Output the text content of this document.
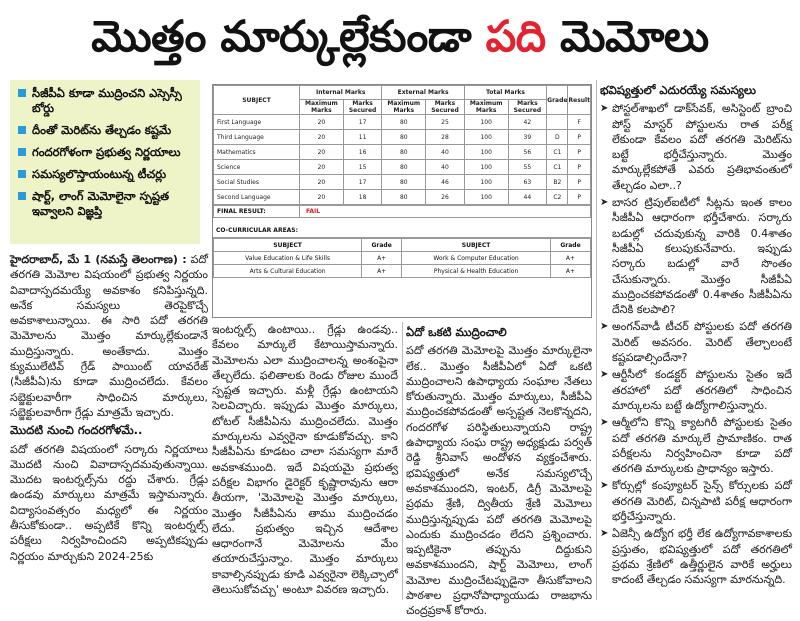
మొత్తం మార్కుల్లేకుండా పది మెమోలు
సీజీపీఏ కూడా ముద్రించని ఎస్సెస్సీ బోర్డు
దీంతో మెరిట్‌ను తేల్చడం కష్టమే
గందరగోళంగా ప్రభుత్వ నిర్ణయాలు
సమస్యలొస్తాయంటున్న టీచర్లు
షార్ట్, లాంగ్ మెమోలైనా స్పష్టత ఇవ్వాలని విజ్ఞప్తి
SUBJECT	Internal Marks		External Marks		Total Marks		Grade	Result
	Maximum Marks	Marks Secured	Maximum Marks	Marks Secured	Maximum Marks	Marks Secured		
First Language	20	17	80	25	100	42		F
Third Language	20	11	80	28	100	39	D	P
Mathematics	20	16	80	40	100	56	C1	P
Science	20	15	80	40	100	55	C1	P
Social Studies	20	17	80	46	100	63	B2	P
Second Language	20	18	80	26	100	44	C2	P
FINAL RESULT:	FAIL
CO-CURRICULAR AREAS:
SUBJECT	Grade	SUBJECT	Grade
Value Education & Life Skills	A+	Work & Computer Education	A+
Arts & Cultural Education	A+	Physical & Health Education	A+

హైదరాబాద్, మే 1 (నమస్తే తెలంగాణ) : పదో తరగతి మెమోల విషయంలో ప్రభుత్వ నిర్ణయం వివాదాస్పదమయ్యే అవకాశం కనిపిస్తున్నది. అనేక సమస్యలు తెరపైకొచ్చే అవకాశాలున్నాయి. ఈ సారి పదో తరగతి మెమోలను మొత్తం మార్కుల్లేకుండానే ముద్రిస్తున్నారు. అంతేకాదు. మొత్తం క్యుములేటివ్ గ్రేడ్ పాయింట్ యావరేజ్ (సీజీపీఏ)ను కూడా ముద్రించలేదు. కేవలం సబ్జెక్టులవారీగా సాధించిన మార్కులు, సబ్జెక్టులవారీగా గ్రేడ్లు మాత్రమే ఇచ్చారు.

మొదటి నుంచి గందరగోళమే..

పదో తరగతి విషయంలో సర్కారు నిర్ణయాలు మొదటి నుంచి వివాదాస్పదమవుతున్నాయి. మొదట ఇంటర్నల్స్‌ను రద్దు చేశారు. గ్రేడ్లు ఉండవు మార్కులు మాత్రమే ఇస్తామన్నారు. విద్యాసంవత్సరం మధ్యలో ఈ నిర్ణయం తీసుకోకుండా.. అప్పటికే కొన్ని ఇంటర్నల్స్ పరీక్షలు నిర్వహించిందని అప్పటికప్పుడు నిర్ణయం మార్చుకుని 2024-25కు

ఇంటర్నల్స్ ఉంటాయి.. గ్రేడ్లు ఉండవు.. కేవలం మార్కులే కేటాయిస్తామన్నారు. మెమోలను ఎలా ముద్రించాలన్న అంశంపైనా తేల్చలేదు. ఫలితాలకు రెండు రోజుల ముందే స్పష్టత ఇచ్చారు. మళ్లీ గ్రేడ్లు ఉంటాయని సెలవిచ్చారు. ఇప్పుడు మొత్తం మార్కులు, టోటల్ సీజీపీఏను ముద్రించలేదు. మొత్తం మార్కులను ఎవ్వరైనా కూడుకోవచ్చు. కాని సీజీపీఏను కూడటం చాలా సమస్యగా మారే అవకాశముంది. ఇదే విషయమై ప్రభుత్వ పరీక్షల విభాగం డైరెక్టర్ కృష్ణారావును ఆరా తీయగా, 'మెమోలపై మొత్తం మార్కులు, మొత్తం సీజీపీఏను తాము ముద్రించడం లేదు. ప్రభుత్వం ఇచ్చిన ఆదేశాల ఆధారంగానే మెమోలను మేం తయారుచేస్తున్నాం. మొత్తం మార్కులు కావాల్సినప్పుడు కూడి ఎవ్వరైనా లెక్కిచ్చాలో తెలుసుకోవచ్చు' అంటూ వివరణ ఇచ్చారు.

ఏదో ఒకటి ముద్రించాలి

పదో తరగతి మెమోలపై మొత్తం మార్కులైనా లేక.. మొత్తం సీజీపీఏలో ఏదో ఒకటి ముద్రించాలని ఉపాధ్యాయ సంఘాల నేతలు కోరుతున్నారు. మొత్తం మార్కులు, సీజీపీఏ ముద్రించకపోవడంతో అస్పష్టత నెలకొన్నదని, గందరగోళ పరిస్థితులున్నాయని రాష్ట్ర ఉపాధ్యాయ సంఘ రాష్ట్ర అధ్యక్షుడు పర్వత్ రెడ్డి శ్రీనివాస్ అందోళన వ్యక్తంచేశారు. భవిష్యత్తులో అనేక సమస్యలొచ్చే అవకాశముందని, ఇంటర్, డిగ్రీ మెమోలపై ప్రథమ శ్రేణి, ద్వితీయ శ్రేణి మెమోలు ముద్రిస్తున్నప్పుడు పదో తరగతి మెమోలపై ఎందుకు ముద్రించడం లేదని ప్రశ్నించారు. ఇప్పటికైనా తప్పును దిద్దుకుని అవకాశముందని, షార్ట్ మెమోలు, లాంగ్ మెమోల ముద్రించేటప్పుడైనా తీసుకోవాలని పాఠశాల ప్రధానోపాధ్యాయుడు రాజభాను చంద్రప్రకాశ్ కోరారు.

భవిష్యత్తులో ఎదురయ్యే సమస్యలు

➤ పోస్టల్‌శాఖలో డాక్‌సేవక్, అసిస్టెంట్ బ్రాంచి పోస్ట్ మాస్టర్ పోస్టులను రాత పరీక్ష లేకుండా కేవలం పదో తరగతి మెరిట్‌ను బట్టే భర్తీచేస్తున్నారు. మొత్తం మార్కుల్లేకపోతే ఎవరు ప్రతిభావంతులో తేల్చడం ఎలా..?

➤ బాసర ట్రిపుల్‌ఐటీలో సీట్లను ఇంత కాలం సీజీపీఏ ఆధారంగా భర్తీచేశారు. సర్కారు బడుల్లో చదువుకున్న వారికి 0.4శాతం సీజీపీఏ కలుపుకునేవారు. ఇప్పుడు సర్కారు బడుల్లో వారే సొంతం చేసుకున్నారు. మొత్తం సీజీపీఏ ముద్రించకపోవడంతో 0.4శాతం సీజీపీఏను దేనికి కలపాలి?

➤ అంగన్‌వాడీ టీచర్ పోస్టులకు పదో తరగతి మెరిట్ అవసరం. మెరిట్ తేల్చాలంటే కష్టపడాల్సిందేనా?

➤ ఆర్టీసీలో కండక్టర్ పోస్టులను సైతం ఇదే తరహాలో పదో తరగతిలో సాధించిన మార్కులను బట్టే ఉద్యోగాలిస్తున్నారు.

➤ ఆర్మీలోని కొన్ని క్యాటగిరీ పోస్టులకు సైతం పదో తరగతి మార్కులే ప్రామాణికం. రాత పరీక్షలను నిర్వహించినా కూడా పదో తరగతి మార్కులకు ప్రాధాన్యం ఇస్తారు.

➤ కోర్సుల్లో కంప్యూటర్ సైన్స్ కోర్సులకు పదో తరగతి మెరిట్, చిన్నపాటి పరీక్ష ఆధారంగా భర్తీచేస్తున్నారు.

➤ ఏజెన్సీ ఉద్యోగ భర్తీ లేక ఉద్యోగావకాశాలకు ప్రస్తుతం, భవిష్యత్తులో పదో తరగతిలో ప్రథమ శ్రేణిలో ఉత్తీర్ణులైన వారికే అర్హులు కాదంటే తేల్చడం సమస్యగా మారనున్నది.
